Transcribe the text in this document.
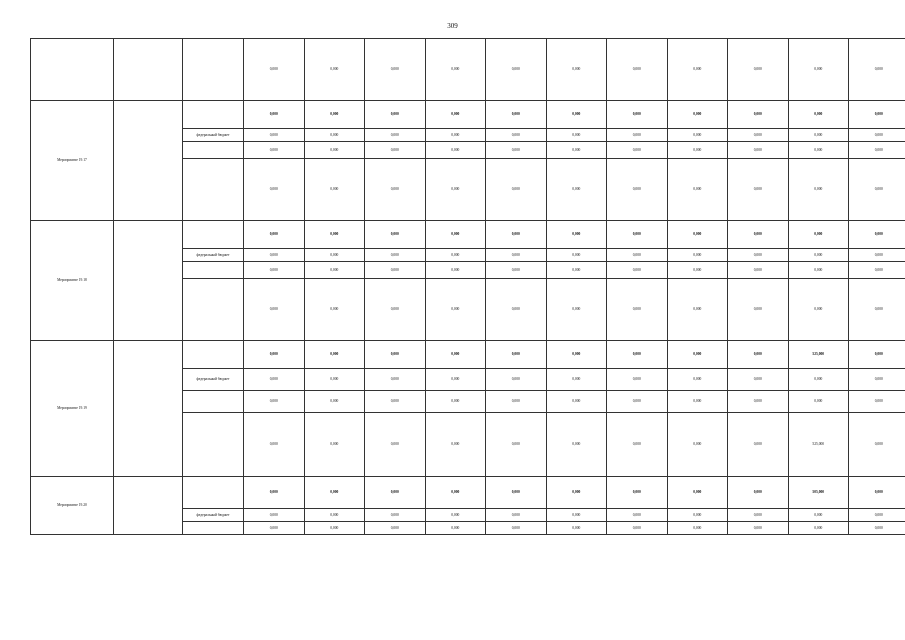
309
			0,000	0,000	0,000	0,000	0,000	0,000	0,000	0,000	0,000	0,000	0,000
Мероприятие 19.17			0,000	0,000	0,000	0,000	0,000	0,000	0,000	0,000	0,000	0,000	0,000
		федеральный бюджет	0,000	0,000	0,000	0,000	0,000	0,000	0,000	0,000	0,000	0,000	0,000
			0,000	0,000	0,000	0,000	0,000	0,000	0,000	0,000	0,000	0,000	0,000
			0,000	0,000	0,000	0,000	0,000	0,000	0,000	0,000	0,000	0,000	0,000
Мероприятие 19.18			0,000	0,000	0,000	0,000	0,000	0,000	0,000	0,000	0,000	0,000	0,000
		федеральный бюджет	0,000	0,000	0,000	0,000	0,000	0,000	0,000	0,000	0,000	0,000	0,000
			0,000	0,000	0,000	0,000	0,000	0,000	0,000	0,000	0,000	0,000	0,000
			0,000	0,000	0,000	0,000	0,000	0,000	0,000	0,000	0,000	0,000	0,000
Мероприятие 19.19			0,000	0,000	0,000	0,000	0,000	0,000	0,000	0,000	0,000	525,000	0,000
		федеральный бюджет	0,000	0,000	0,000	0,000	0,000	0,000	0,000	0,000	0,000	0,000	0,000
			0,000	0,000	0,000	0,000	0,000	0,000	0,000	0,000	0,000	0,000	0,000
			0,000	0,000	0,000	0,000	0,000	0,000	0,000	0,000	0,000	525,000	0,000
Мероприятие 19.20			0,000	0,000	0,000	0,000	0,000	0,000	0,000	0,000	0,000	505,000	0,000
		федеральный бюджет	0,000	0,000	0,000	0,000	0,000	0,000	0,000	0,000	0,000	0,000	0,000
			0,000	0,000	0,000	0,000	0,000	0,000	0,000	0,000	0,000	0,000	0,000
